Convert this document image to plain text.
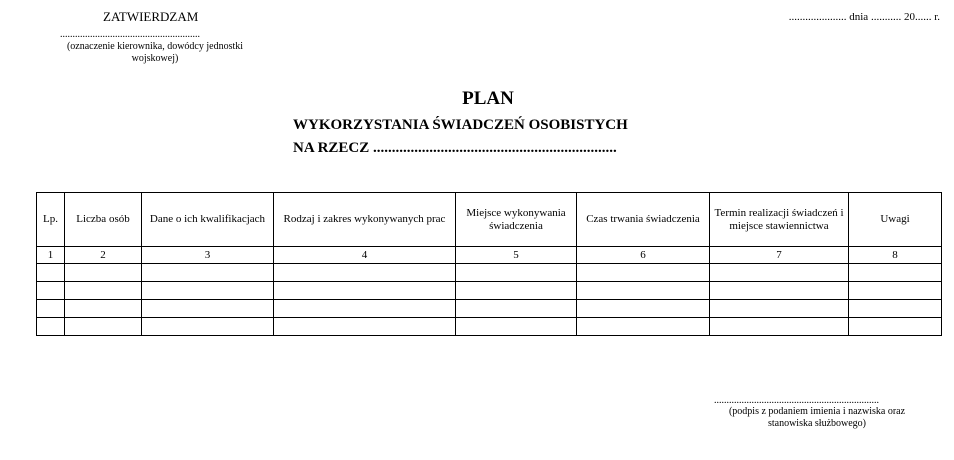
ZATWIERDZAM
........................................................
(oznaczenie kierownika, dowódcy jednostki wojskowej)
..................... dnia ........... 20...... r.
PLAN
WYKORZYSTANIA ŚWIADCZEŃ OSOBISTYCH
NA RZECZ .................................................................
Lp.	Liczba osób	Dane o ich kwalifikacjach	Rodzaj i zakres wykonywanych prac	Miejsce wykonywania świadczenia	Czas trwania świadczenia	Termin realizacji świadczeń i miejsce stawiennictwa	Uwagi
1	2	3	4	5	6	7	8

..................................................................
(podpis z podaniem imienia i nazwiska oraz stanowiska służbowego)
